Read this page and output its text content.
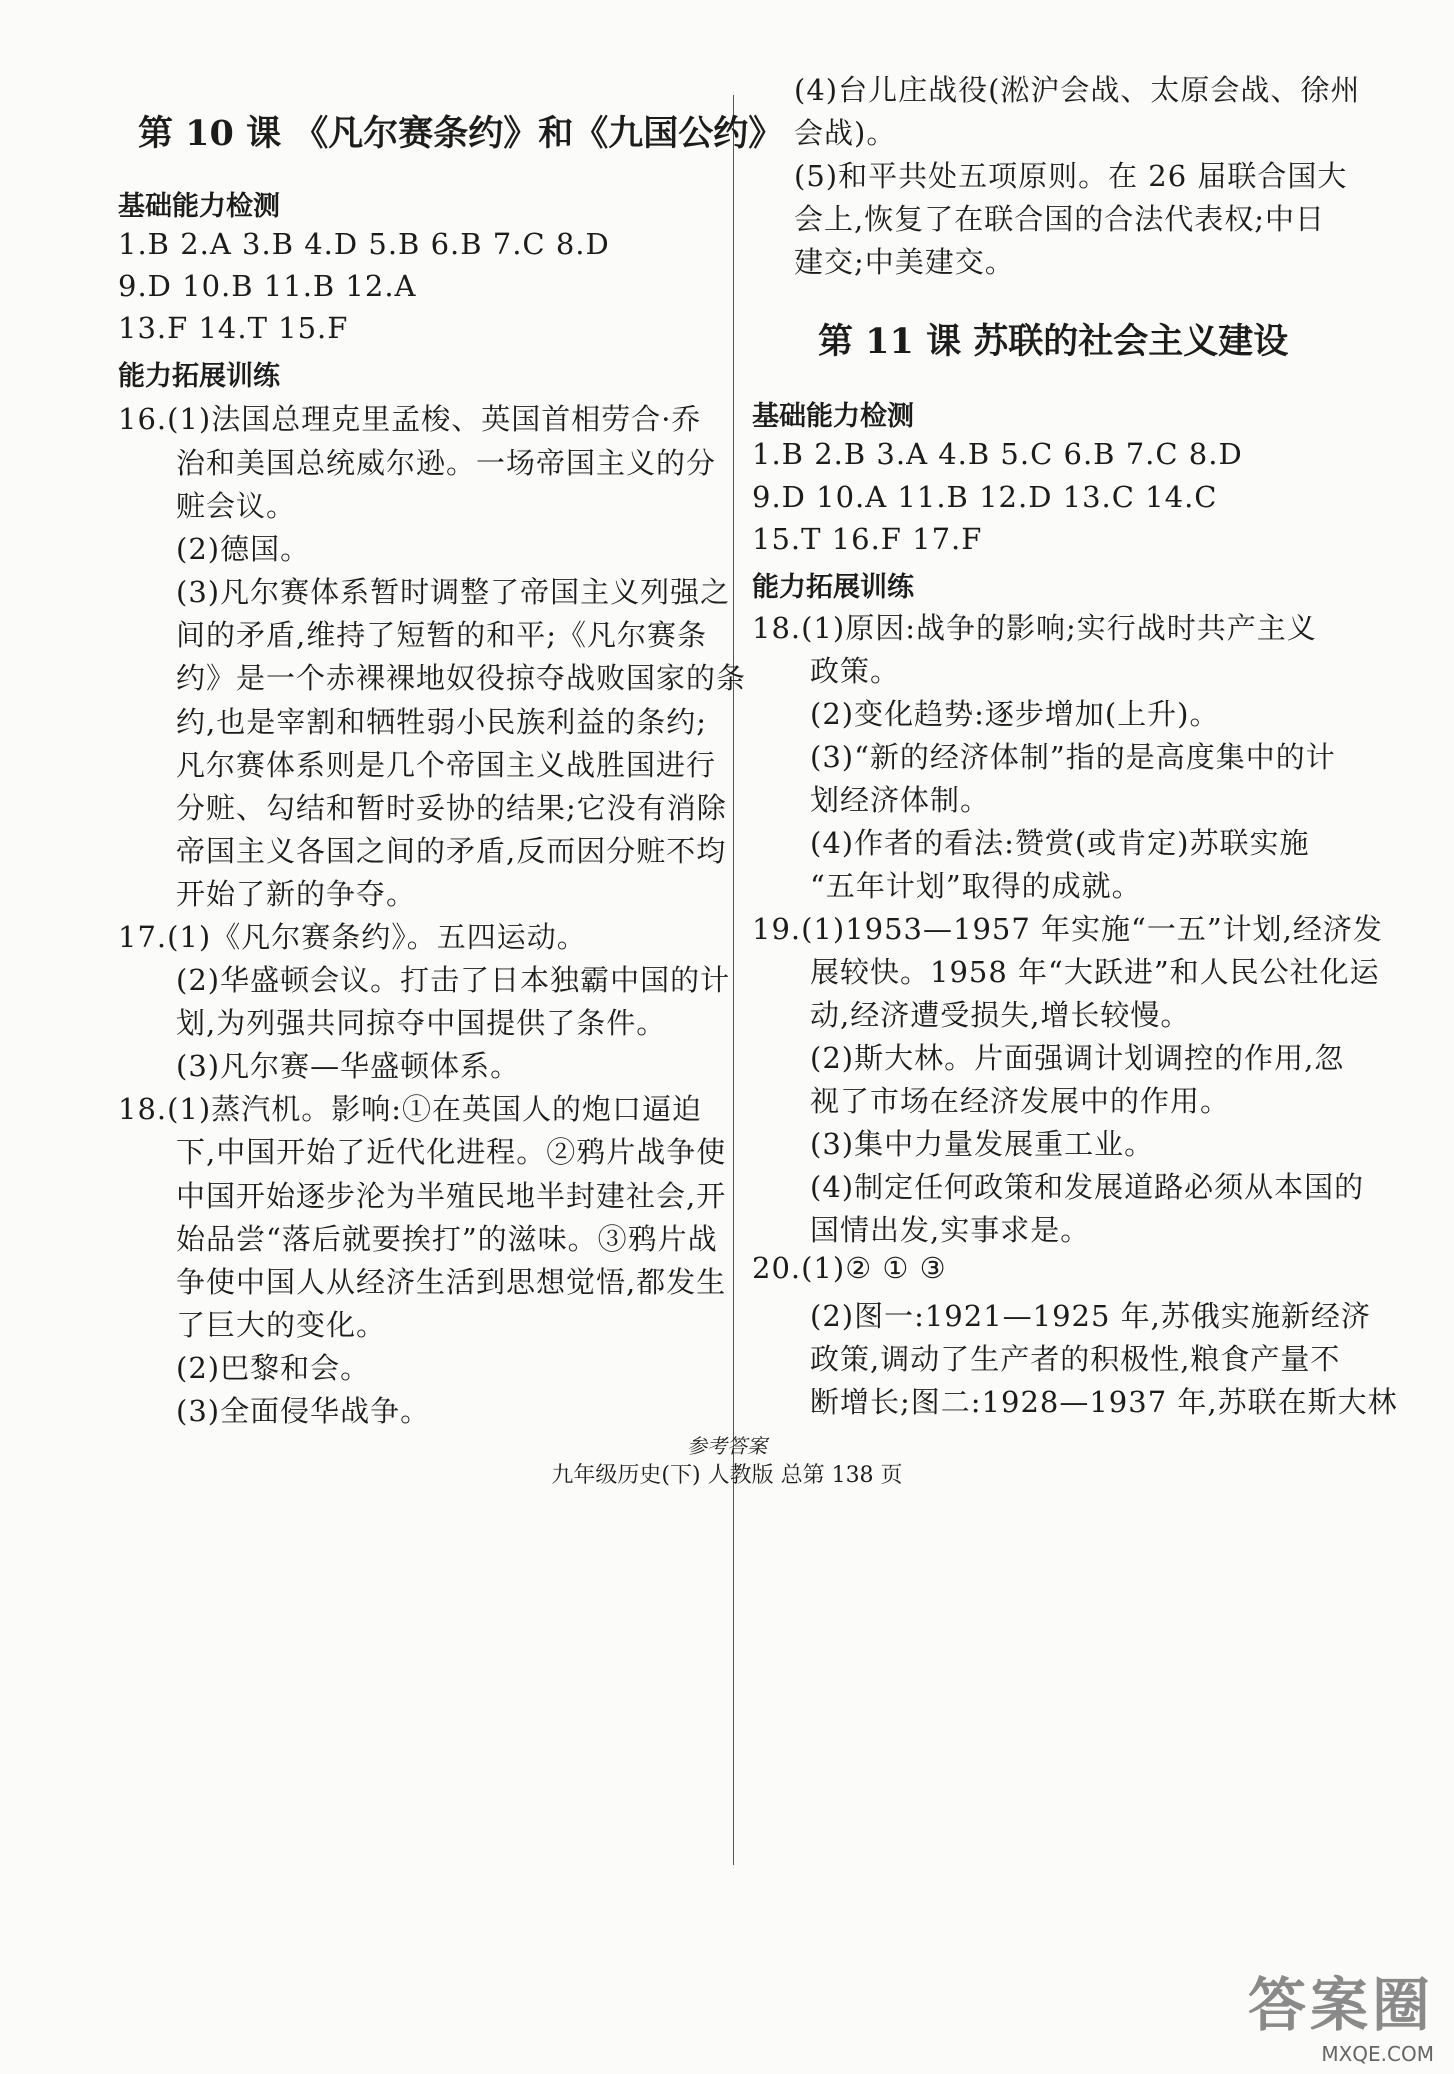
第 10 课 《凡尔赛条约》和《九国公约》
基础能力检测
1.B 2.A 3.B 4.D 5.B 6.B 7.C 8.D
9.D 10.B 11.B 12.A
13.F 14.T 15.F
能力拓展训练
16.(1)法国总理克里孟梭、英国首相劳合·乔
治和美国总统威尔逊。一场帝国主义的分
赃会议。
(2)德国。
(3)凡尔赛体系暂时调整了帝国主义列强之
间的矛盾,维持了短暂的和平;《凡尔赛条
约》是一个赤裸裸地奴役掠夺战败国家的条
约,也是宰割和牺牲弱小民族利益的条约;
凡尔赛体系则是几个帝国主义战胜国进行
分赃、勾结和暂时妥协的结果;它没有消除
帝国主义各国之间的矛盾,反而因分赃不均
开始了新的争夺。
17.(1)《凡尔赛条约》。五四运动。
(2)华盛顿会议。打击了日本独霸中国的计
划,为列强共同掠夺中国提供了条件。
(3)凡尔赛—华盛顿体系。
18.(1)蒸汽机。影响:①在英国人的炮口逼迫
下,中国开始了近代化进程。②鸦片战争使
中国开始逐步沦为半殖民地半封建社会,开
始品尝“落后就要挨打”的滋味。③鸦片战
争使中国人从经济生活到思想觉悟,都发生
了巨大的变化。
(2)巴黎和会。
(3)全面侵华战争。
(4)台儿庄战役(淞沪会战、太原会战、徐州
会战)。
(5)和平共处五项原则。在 26 届联合国大
会上,恢复了在联合国的合法代表权;中日
建交;中美建交。
第 11 课 苏联的社会主义建设
基础能力检测
1.B 2.B 3.A 4.B 5.C 6.B 7.C 8.D
9.D 10.A 11.B 12.D 13.C 14.C
15.T 16.F 17.F
能力拓展训练
18.(1)原因:战争的影响;实行战时共产主义
政策。
(2)变化趋势:逐步增加(上升)。
(3)“新的经济体制”指的是高度集中的计
划经济体制。
(4)作者的看法:赞赏(或肯定)苏联实施
“五年计划”取得的成就。
19.(1)1953—1957 年实施“一五”计划,经济发
展较快。1958 年“大跃进”和人民公社化运
动,经济遭受损失,增长较慢。
(2)斯大林。片面强调计划调控的作用,忽
视了市场在经济发展中的作用。
(3)集中力量发展重工业。
(4)制定任何政策和发展道路必须从本国的
国情出发,实事求是。
20.(1)② ① ③
(2)图一:1921—1925 年,苏俄实施新经济
政策,调动了生产者的积极性,粮食产量不
断增长;图二:1928—1937 年,苏联在斯大林
参考答案
九年级历史(下) 人教版 总第 138 页
答案圈
MXQE.COM
